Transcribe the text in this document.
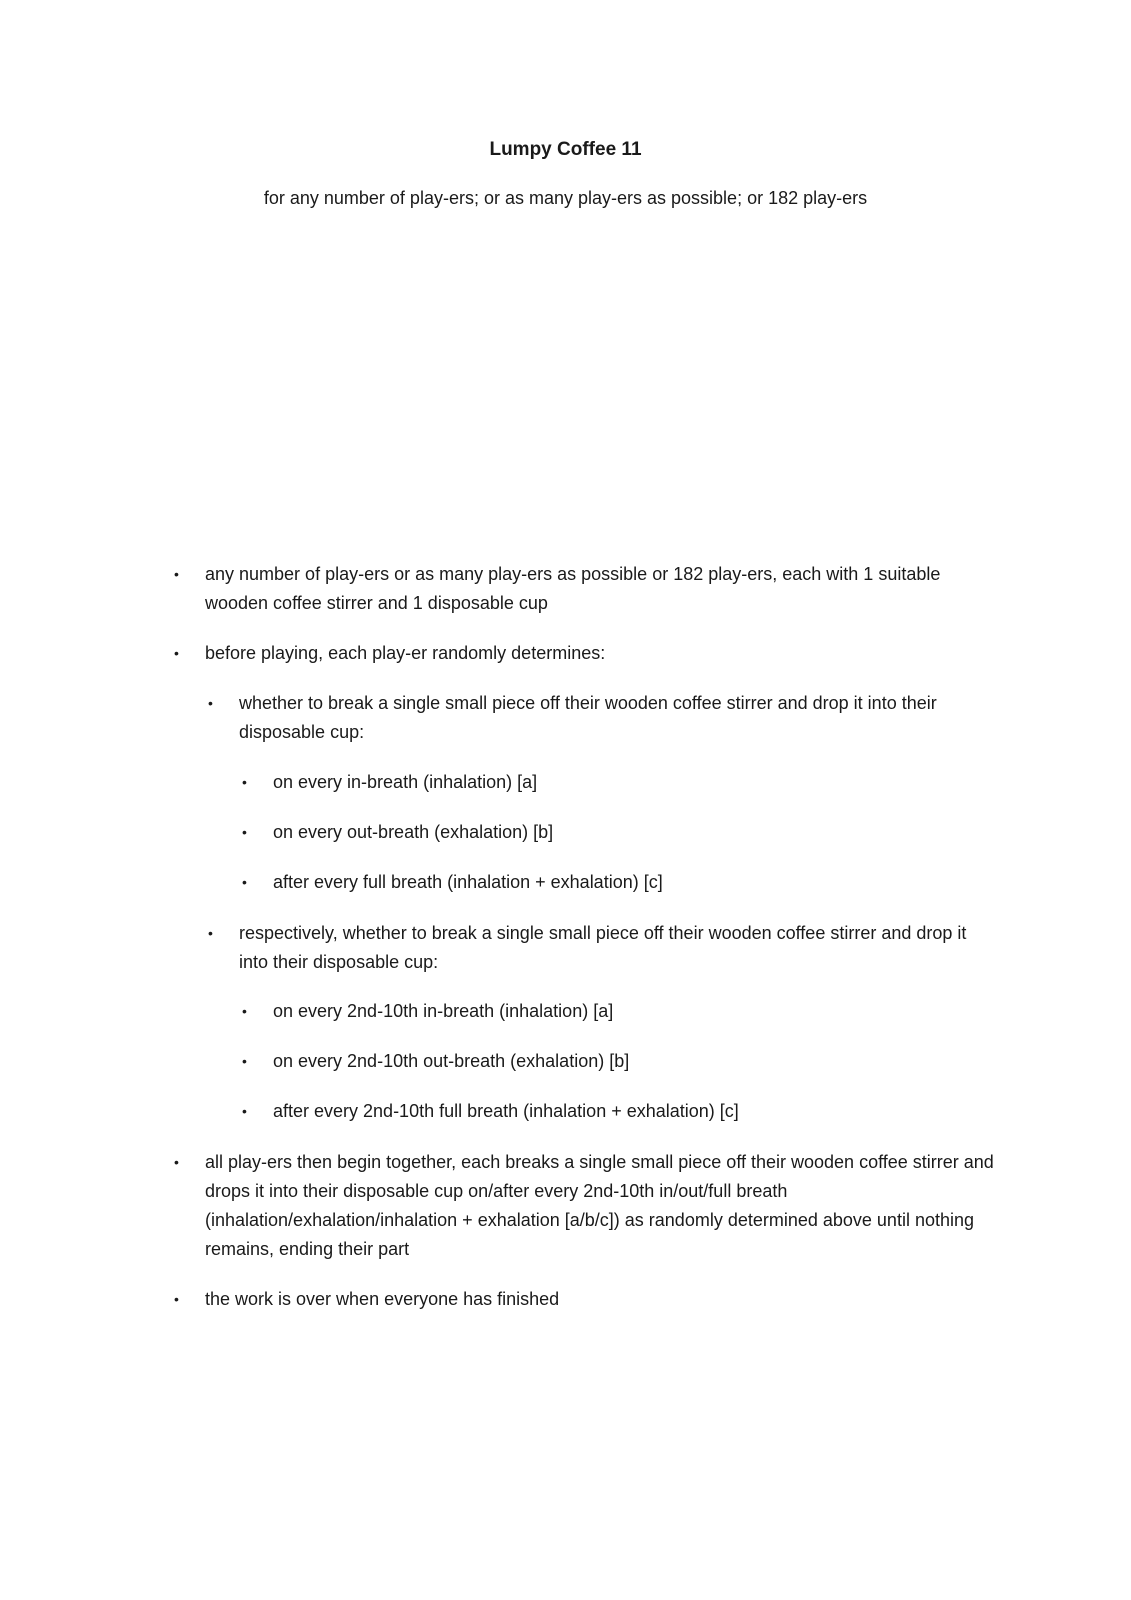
Lumpy Coffee 11
for any number of play-ers; or as many play-ers as possible; or 182 play-ers
• any number of play-ers or as many play-ers as possible or 182 play-ers, each with 1 suitable wooden coffee stirrer and 1 disposable cup
• before playing, each play-er randomly determines:
• whether to break a single small piece off their wooden coffee stirrer and drop it into their disposable cup:
• on every in-breath (inhalation) [a]
• on every out-breath (exhalation) [b]
• after every full breath (inhalation + exhalation) [c]
• respectively, whether to break a single small piece off their wooden coffee stirrer and drop it into their disposable cup:
• on every 2nd-10th in-breath (inhalation) [a]
• on every 2nd-10th out-breath (exhalation) [b]
• after every 2nd-10th full breath (inhalation + exhalation) [c]
• all play-ers then begin together, each breaks a single small piece off their wooden coffee stirrer and drops it into their disposable cup on/after every 2nd-10th in/out/full breath (inhalation/exhalation/inhalation + exhalation [a/b/c]) as randomly determined above until nothing remains, ending their part
• the work is over when everyone has finished
